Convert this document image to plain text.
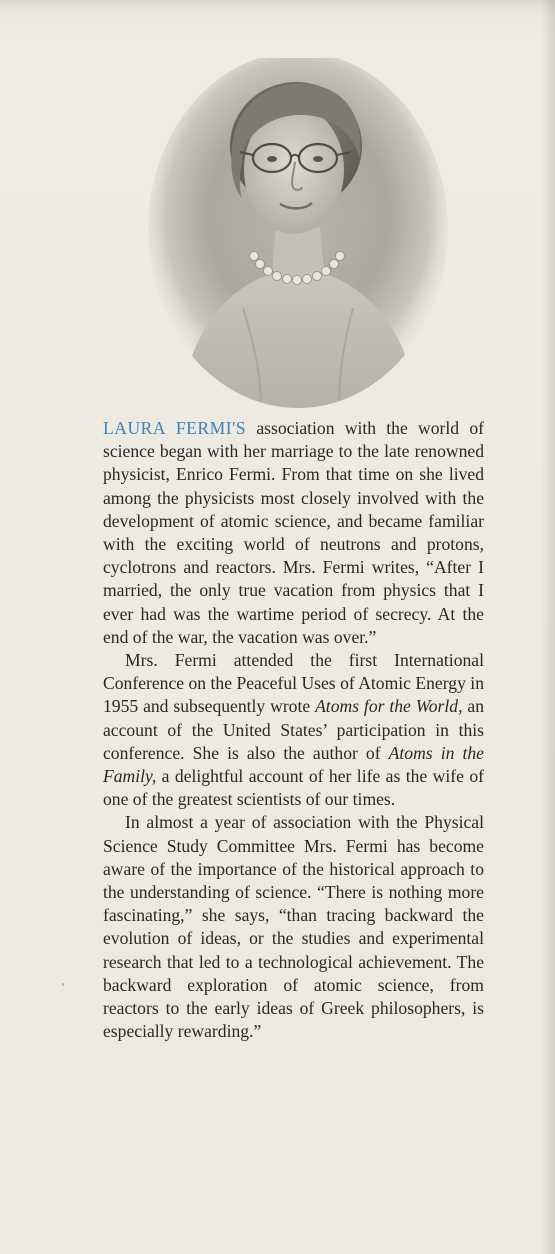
LAURA FERMI'S association with the world of science began with her marriage to the late renowned physicist, Enrico Fermi. From that time on she lived among the physicists most closely involved with the development of atomic science, and became familiar with the exciting world of neutrons and protons, cyclotrons and reactors. Mrs. Fermi writes, “After I married, the only true vacation from physics that I ever had was the wartime period of secrecy. At the end of the war, the vacation was over.”

Mrs. Fermi attended the first International Conference on the Peaceful Uses of Atomic Energy in 1955 and subsequently wrote Atoms for the World, an account of the United States’ participation in this conference. She is also the author of Atoms in the Family, a delightful account of her life as the wife of one of the greatest scientists of our times.

In almost a year of association with the Physical Science Study Committee Mrs. Fermi has become aware of the importance of the historical approach to the understanding of science. “There is nothing more fascinating,” she says, “than tracing backward the evolution of ideas, or the studies and experimental research that led to a technological achievement. The backward exploration of atomic science, from reactors to the early ideas of Greek philosophers, is especially rewarding.”
